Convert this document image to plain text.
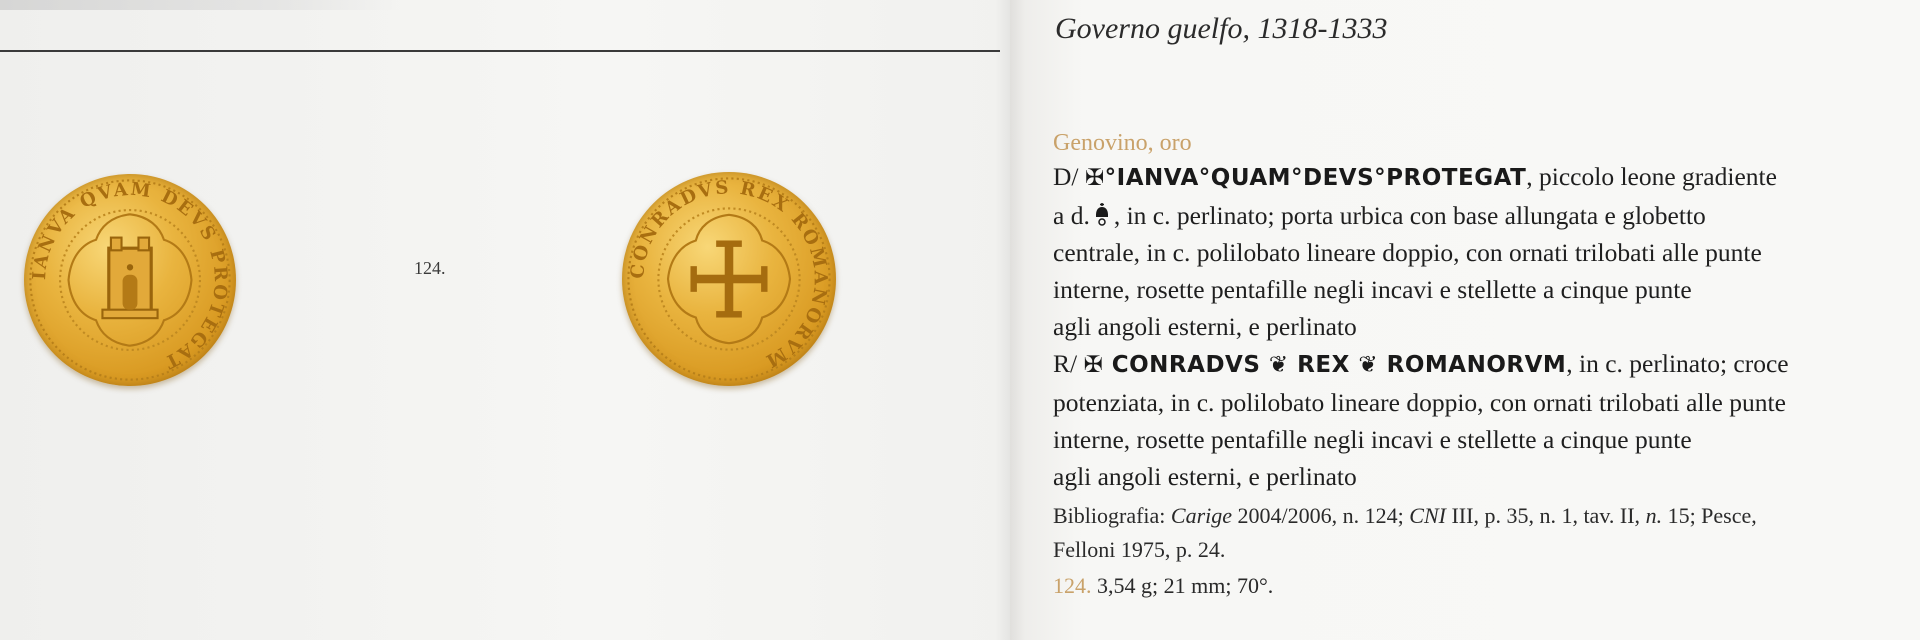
Governo guelfo, 1318-1333
IANVA QVAM DEVS PROTEGAT
124.	CONRADVS REX ROMANORVM

Genovino, oro

D/ ✠°IANVA°QUAM°DEVS°PROTEGAT, piccolo leone gradiente

a d. , in c. perlinato; porta urbica con base allungata e globetto

centrale, in c. polilobato lineare doppio, con ornati trilobati alle punte

interne, rosette pentafille negli incavi e stellette a cinque punte

agli angoli esterni, e perlinato

R/ ✠ CONRADVS ❦ REX ❦ ROMANORVM, in c. perlinato; croce

potenziata, in c. polilobato lineare doppio, con ornati trilobati alle punte

interne, rosette pentafille negli incavi e stellette a cinque punte

agli angoli esterni, e perlinato

Bibliografia: Carige 2004/2006, n. 124; CNI III, p. 35, n. 1, tav. II, n. 15; Pesce,
Felloni 1975, p. 24.

124. 3,54 g; 21 mm; 70°.
